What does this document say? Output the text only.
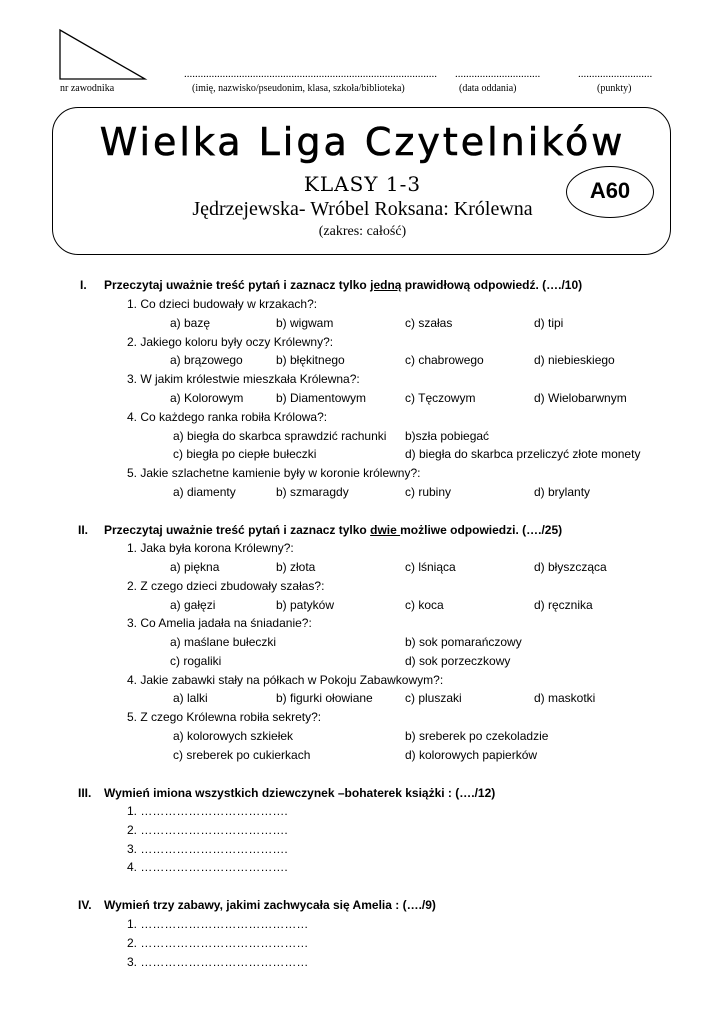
............................................................................................ ...............................	...........................
nr zawodnika	(imię, nazwisko/pseudonim, klasa, szkoła/biblioteka)	(data oddania)	(punkty)
Wielka Liga Czytelników
KLASY 1-3
Jędrzejewska- Wróbel Roksana: Królewna
(zakres: całość)
A60
I. Przeczytaj uważnie treść pytań i zaznacz tylko jedną prawidłową odpowiedź. (…./10)
1. Co dzieci budowały w krzakach?:
a) bazę	b) wigwam	c) szałas	d) tipi
2. Jakiego koloru były oczy Królewny?:
a) brązowego	b) błękitnego	c) chabrowego	d) niebieskiego
3. W jakim królestwie mieszkała Królewna?:
a) Kolorowym	b) Diamentowym	c) Tęczowym	d) Wielobarwnym
4. Co każdego ranka robiła Królowa?:
a) biegła do skarbca sprawdzić rachunki b)szła pobiegać
c) biegła po ciepłe bułeczki	d) biegła do skarbca przeliczyć złote monety
5. Jakie szlachetne kamienie były w koronie królewny?:
a) diamenty	b) szmaragdy	c) rubiny	d) brylanty
II. Przeczytaj uważnie treść pytań i zaznacz tylko dwie możliwe odpowiedzi. (…./25)
1. Jaka była korona Królewny?:
a) piękna	b) złota	c) lśniąca	d) błyszcząca
2. Z czego dzieci zbudowały szałas?:
a) gałęzi	b) patyków	c) koca	d) ręcznika
3. Co Amelia jadała na śniadanie?:
a) maślane bułeczki	b) sok pomarańczowy
c) rogaliki	d) sok porzeczkowy
4. Jakie zabawki stały na półkach w Pokoju Zabawkowym?:
a) lalki	b) figurki ołowiane	c) pluszaki	d) maskotki
5. Z czego Królewna robiła sekrety?:
a) kolorowych szkiełek	b) sreberek po czekoladzie
c) sreberek po cukierkach	d) kolorowych papierków
III. Wymień imiona wszystkich dziewczynek –bohaterek książki : (…./12)
1. ……………………………….
2. ……………………………….
3. ……………………………….
4. ……………………………….
IV. Wymień trzy zabawy, jakimi zachwycała się Amelia : (…./9)
1. ……………………………………
2. ……………………………………
3. ……………………………………
